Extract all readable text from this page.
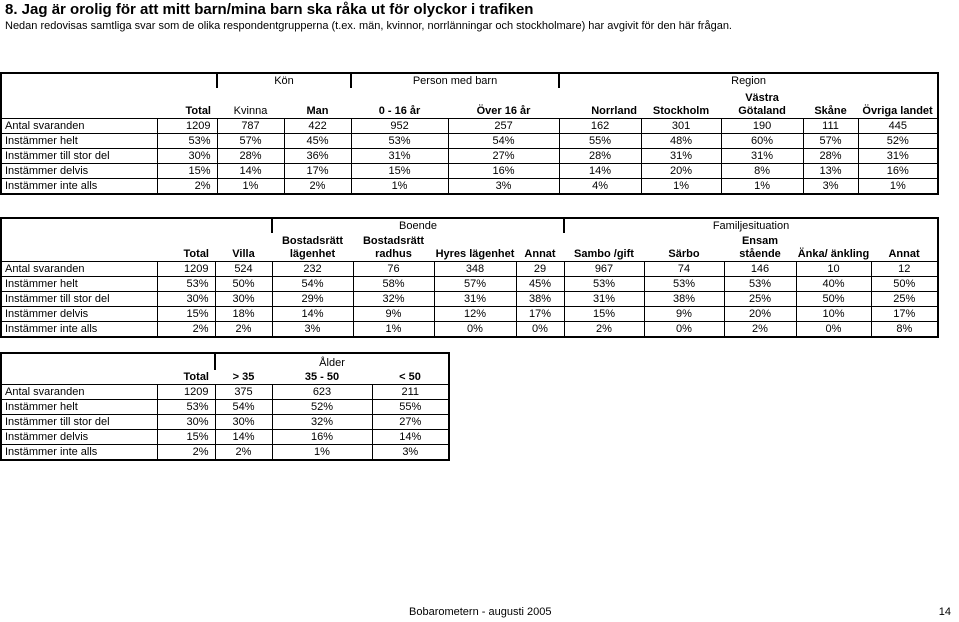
8. Jag är orolig för att mitt barn/mina barn ska råka ut för olyckor i trafiken
Nedan redovisas samtliga svar som de olika respondentgrupperna (t.ex. män, kvinnor, norrlänningar och stockholmare) har avgivit för den här frågan.
		Kön		Person med barn		Region				
	Total	Kvinna	Man	0 - 16 år	Över 16 år	Norrland	Stockholm	Västra Götaland	Skåne	Övriga landet
Antal svaranden	1209	787	422	952	257	162	301	190	111	445
Instämmer helt	53%	57%	45%	53%	54%	55%	48%	60%	57%	52%
Instämmer till stor del	30%	28%	36%	31%	27%	28%	31%	31%	28%	31%
Instämmer delvis	15%	14%	17%	15%	16%	14%	20%	8%	13%	16%
Instämmer inte alls	2%	1%	2%	1%	3%	4%	1%	1%	3%	1%
			Boende				Familjesituation				
	Total	Villa	Bostadsrätt lägenhet	Bostadsrätt radhus	Hyres lägenhet	Annat	Sambo /gift	Särbo	Ensam stående	Änka/ änkling	Annat
Antal svaranden	1209	524	232	76	348	29	967	74	146	10	12
Instämmer helt	53%	50%	54%	58%	57%	45%	53%	53%	53%	40%	50%
Instämmer till stor del	30%	30%	29%	32%	31%	38%	31%	38%	25%	50%	25%
Instämmer delvis	15%	18%	14%	9%	12%	17%	15%	9%	20%	10%	17%
Instämmer inte alls	2%	2%	3%	1%	0%	0%	2%	0%	2%	0%	8%
		Ålder		
	Total	> 35	35 - 50	< 50
Antal svaranden	1209	375	623	211
Instämmer helt	53%	54%	52%	55%
Instämmer till stor del	30%	30%	32%	27%
Instämmer delvis	15%	14%	16%	14%
Instämmer inte alls	2%	2%	1%	3%
Bobarometern - augusti 2005	14
